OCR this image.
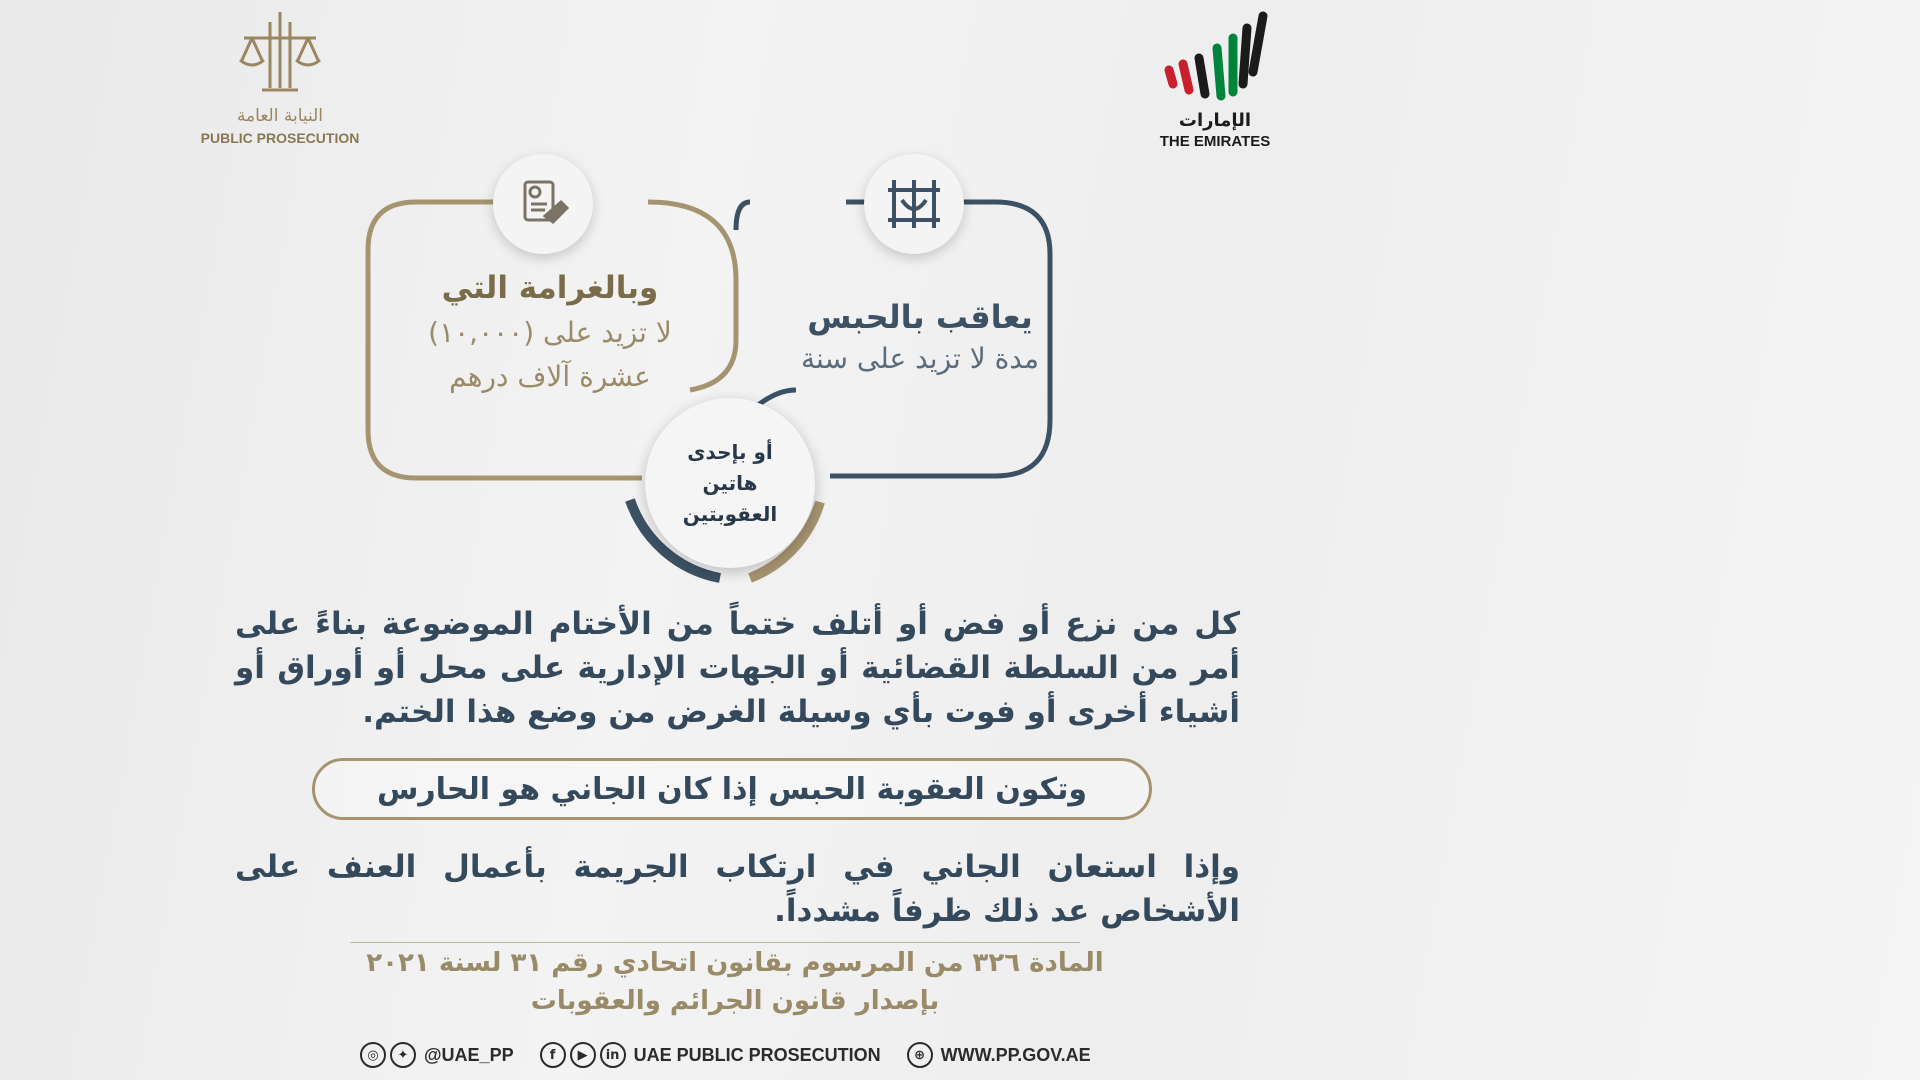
النيابة العامة
PUBLIC PROSECUTION
الإمارات
THE EMIRATES
وبالغرامة التي
لا تزيد على (١٠,٠٠٠)
عشرة آلاف درهم
يعاقب بالحبس
مدة لا تزيد على سنة
أو بإحدى
هاتين
العقوبتين
كل من نزع أو فض أو أتلف ختماً من الأختام الموضوعة بناءً على أمر من السلطة القضائية أو الجهات الإدارية على محل أو أوراق أو أشياء أخرى أو فوت بأي وسيلة الغرض من وضع هذا الختم.
وتكون العقوبة الحبس إذا كان الجاني هو الحارس
وإذا استعان الجاني في ارتكاب الجريمة بأعمال العنف على الأشخاص عد ذلك ظرفاً مشدداً.
المادة ٣٢٦ من المرسوم بقانون اتحادي رقم ٣١ لسنة ٢٠٢١
بإصدار قانون الجرائم والعقوبات
◎	✦ @UAE_PP	f	▶	in UAE PUBLIC PROSECUTION	⊕ WWW.PP.GOV.AE
